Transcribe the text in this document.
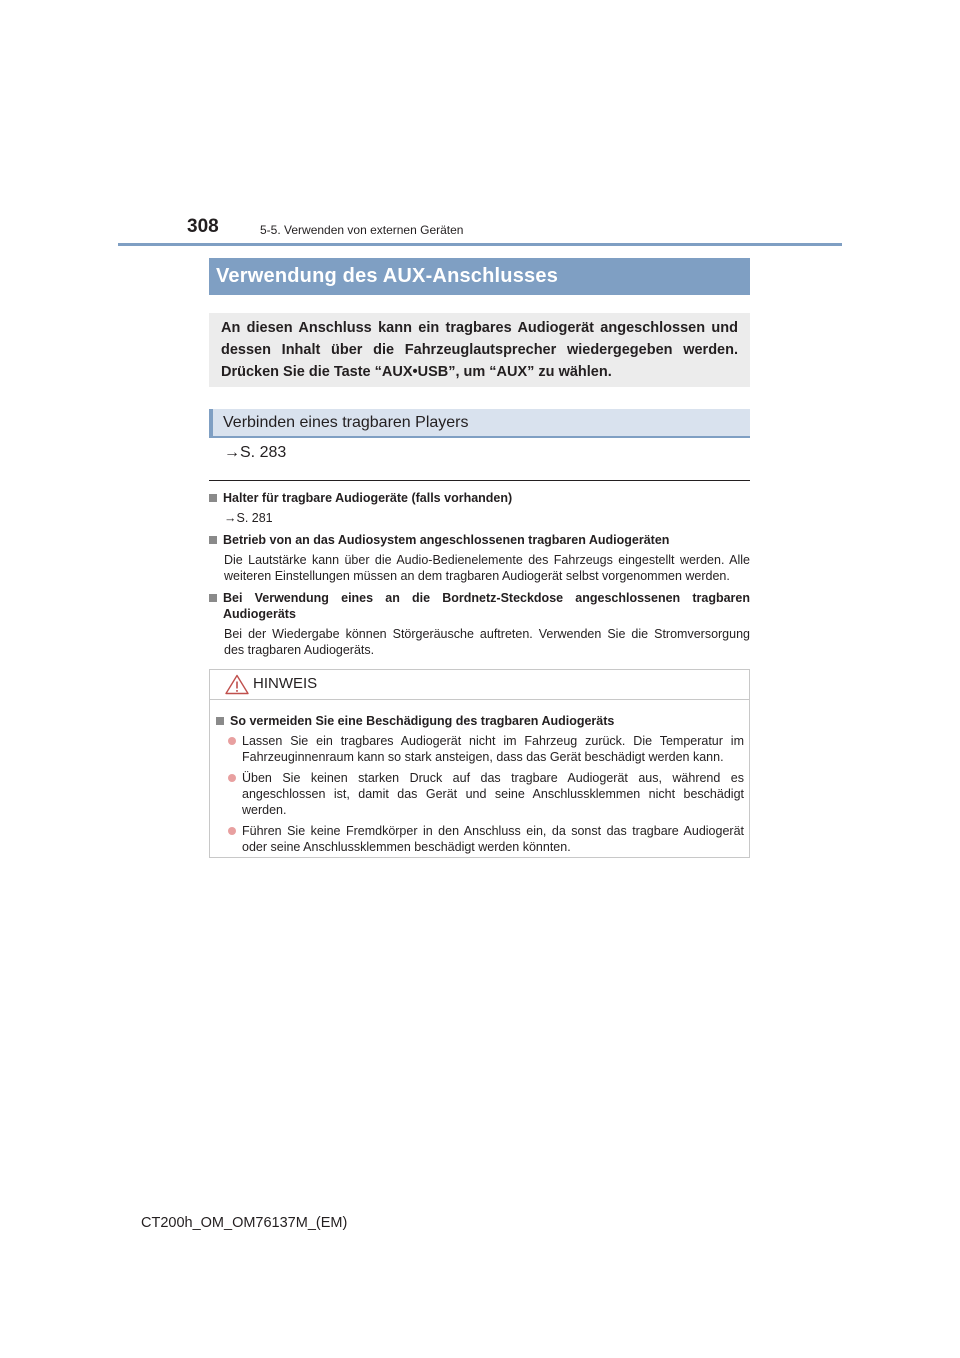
308	5-5. Verwenden von externen Geräten
Verwendung des AUX-Anschlusses
An diesen Anschluss kann ein tragbares Audiogerät angeschlossen und dessen Inhalt über die Fahrzeuglautsprecher wiedergegeben werden. Drücken Sie die Taste “AUX•USB”, um “AUX” zu wählen.
Verbinden eines tragbaren Players
→S. 283
Halter für tragbare Audiogeräte (falls vorhanden)
→S. 281
Betrieb von an das Audiosystem angeschlossenen tragbaren Audiogeräten
Die Lautstärke kann über die Audio-Bedienelemente des Fahrzeugs eingestellt werden. Alle weiteren Einstellungen müssen an dem tragbaren Audiogerät selbst vorgenommen werden.
Bei Verwendung eines an die Bordnetz-Steckdose angeschlossenen tragbaren Audiogeräts
Bei der Wiedergabe können Störgeräusche auftreten. Verwenden Sie die Stromversorgung des tragbaren Audiogeräts.
HINWEIS
So vermeiden Sie eine Beschädigung des tragbaren Audiogeräts
Lassen Sie ein tragbares Audiogerät nicht im Fahrzeug zurück. Die Temperatur im Fahrzeuginnenraum kann so stark ansteigen, dass das Gerät beschädigt werden kann.
Üben Sie keinen starken Druck auf das tragbare Audiogerät aus, während es angeschlossen ist, damit das Gerät und seine Anschlussklemmen nicht beschädigt werden.
Führen Sie keine Fremdkörper in den Anschluss ein, da sonst das tragbare Audiogerät oder seine Anschlussklemmen beschädigt werden könnten.
CT200h_OM_OM76137M_(EM)
